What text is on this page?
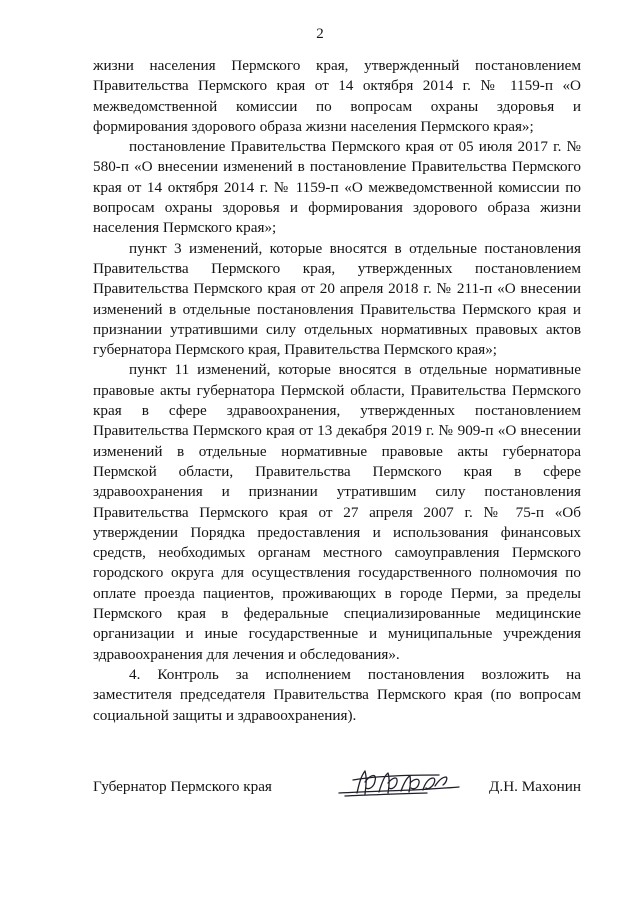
2

жизни населения Пермского края, утвержденный постановлением Правительства Пермского края от 14 октября 2014 г. № 1159-п «О межведомственной комиссии по вопросам охраны здоровья и формирования здорового образа жизни населения Пермского края»;

постановление Правительства Пермского края от 05 июля 2017 г. № 580-п «О внесении изменений в постановление Правительства Пермского края от 14 октября 2014 г. № 1159-п «О межведомственной комиссии по вопросам охраны здоровья и формирования здорового образа жизни населения Пермского края»;

пункт 3 изменений, которые вносятся в отдельные постановления Правительства Пермского края, утвержденных постановлением Правительства Пермского края от 20 апреля 2018 г. № 211-п «О внесении изменений в отдельные постановления Правительства Пермского края и признании утратившими силу отдельных нормативных правовых актов губернатора Пермского края, Правительства Пермского края»;

пункт 11 изменений, которые вносятся в отдельные нормативные правовые акты губернатора Пермской области, Правительства Пермского края в сфере здравоохранения, утвержденных постановлением Правительства Пермского края от 13 декабря 2019 г. № 909-п «О внесении изменений в отдельные нормативные правовые акты губернатора Пермской области, Правительства Пермского края в сфере здравоохранения и признании утратившим силу постановления Правительства Пермского края от 27 апреля 2007 г. № 75-п «Об утверждении Порядка предоставления и использования финансовых средств, необходимых органам местного самоуправления Пермского городского округа для осуществления государственного полномочия по оплате проезда пациентов, проживающих в городе Перми, за пределы Пермского края в федеральные специализированные медицинские организации и иные государственные и муниципальные учреждения здравоохранения для лечения и обследования».

4. Контроль за исполнением постановления возложить на заместителя председателя Правительства Пермского края (по вопросам социальной защиты и здравоохранения).

Губернатор Пермского края	Д.Н. Махонин
